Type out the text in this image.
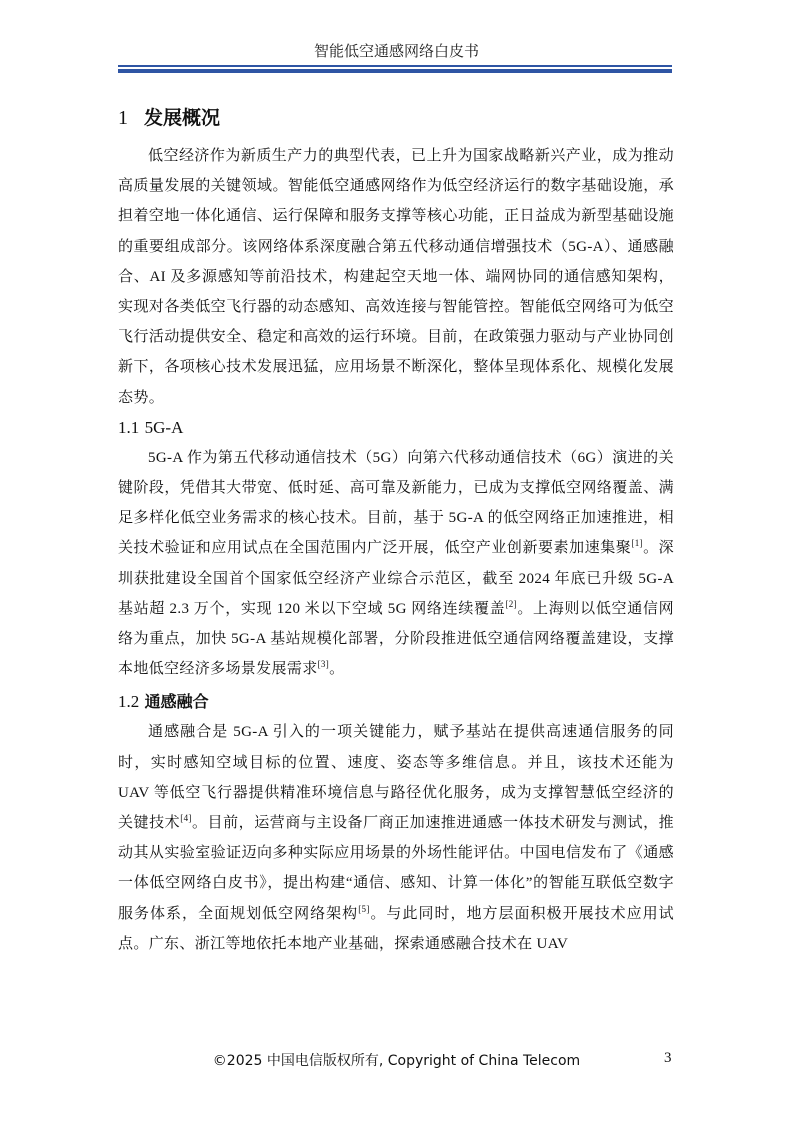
智能低空通感网络白皮书
1 发展概况

低空经济作为新质生产力的典型代表，已上升为国家战略新兴产业，成为推动高质量发展的关键领域。智能低空通感网络作为低空经济运行的数字基础设施，承担着空地一体化通信、运行保障和服务支撑等核心功能，正日益成为新型基础设施的重要组成部分。该网络体系深度融合第五代移动通信增强技术（5G-A）、通感融合、AI 及多源感知等前沿技术，构建起空天地一体、端网协同的通信感知架构，实现对各类低空飞行器的动态感知、高效连接与智能管控。智能低空网络可为低空飞行活动提供安全、稳定和高效的运行环境。目前，在政策强力驱动与产业协同创新下，各项核心技术发展迅猛，应用场景不断深化，整体呈现体系化、规模化发展态势。

1.1 5G-A

5G-A 作为第五代移动通信技术（5G）向第六代移动通信技术（6G）演进的关键阶段，凭借其大带宽、低时延、高可靠及新能力，已成为支撑低空网络覆盖、满足多样化低空业务需求的核心技术。目前，基于 5G-A 的低空网络正加速推进，相关技术验证和应用试点在全国范围内广泛开展，低空产业创新要素加速集聚[1]。深圳获批建设全国首个国家低空经济产业综合示范区，截至 2024 年底已升级 5G-A 基站超 2.3 万个，实现 120 米以下空域 5G 网络连续覆盖[2]。上海则以低空通信网络为重点，加快 5G-A 基站规模化部署，分阶段推进低空通信网络覆盖建设，支撑本地低空经济多场景发展需求[3]。

1.2 通感融合

通感融合是 5G-A 引入的一项关键能力，赋予基站在提供高速通信服务的同时，实时感知空域目标的位置、速度、姿态等多维信息。并且，该技术还能为 UAV 等低空飞行器提供精准环境信息与路径优化服务，成为支撑智慧低空经济的关键技术[4]。目前，运营商与主设备厂商正加速推进通感一体技术研发与测试，推动其从实验室验证迈向多种实际应用场景的外场性能评估。中国电信发布了《通感一体低空网络白皮书》，提出构建“通信、感知、计算一体化”的智能互联低空数字服务体系，全面规划低空网络架构[5]。与此同时，地方层面积极开展技术应用试点。广东、浙江等地依托本地产业基础，探索通感融合技术在 UAV

©2025 中国电信版权所有, Copyright of China Telecom	3
